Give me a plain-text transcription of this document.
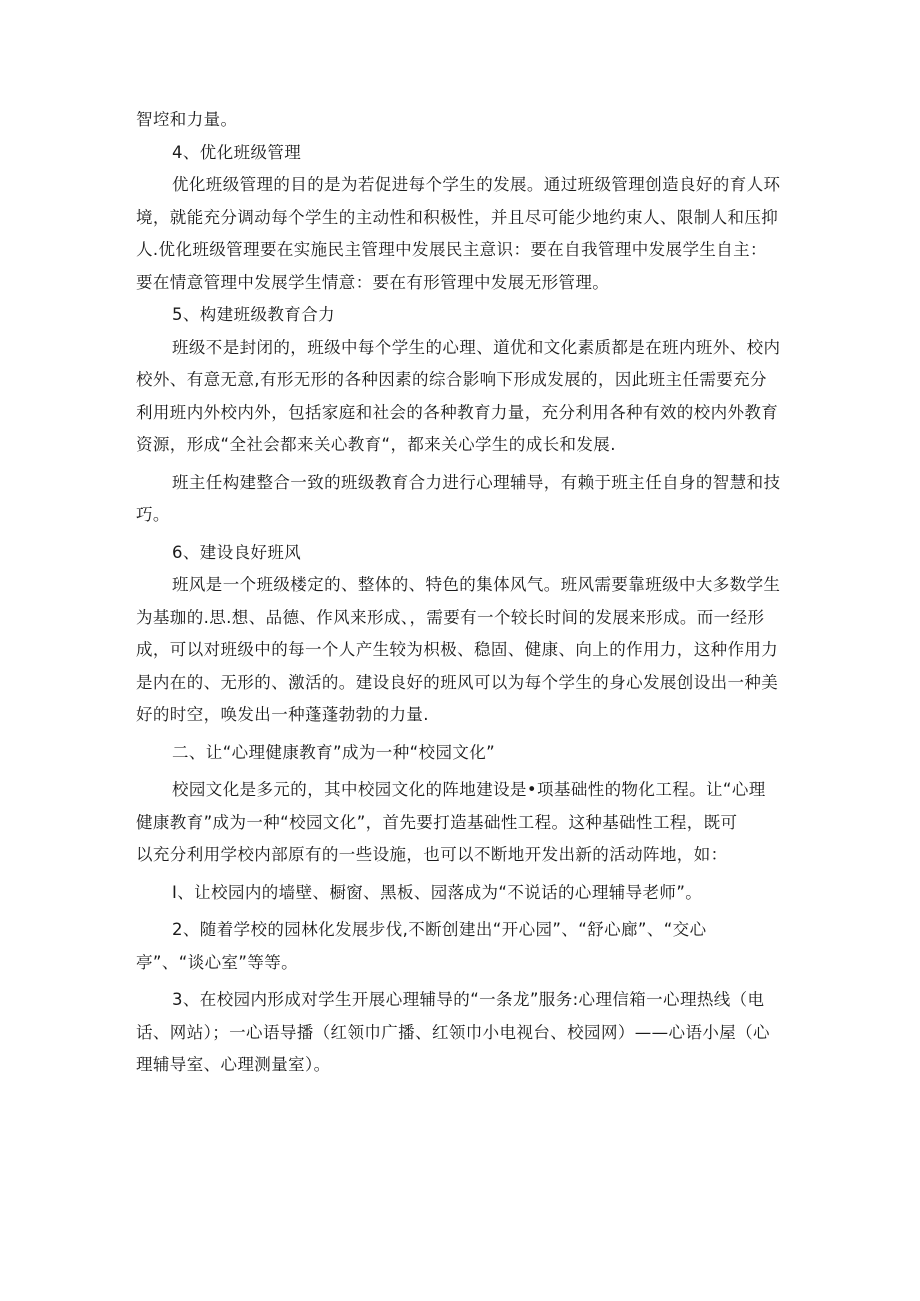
智埪和力量。

4、优化班级管理

优化班级管理的目的是为若促进每个学生的发展。通过班级管理创造良好的育人环

境，就能充分调动每个学生的主动性和积极性，并且尽可能少地约束人、限制人和压抑

人.优化班级管理要在实施民主管理中发展民主意识：要在自我管理中发展学生自主：

要在情意管理中发展学生情意：要在有形管理中发展无形管理。

5、构建班级教育合力

班级不是封闭的，班级中每个学生的心理、道优和文化素质都是在班内班外、校内

校外、有意无意,有形无形的各种因素的综合影响下形成发展的，因此班主任需要充分

利用班内外校内外，包括家庭和社会的各种教育力量，充分利用各种有效的校内外教育

资源，形成“全社会都来关心教育“，都来关心学生的成长和发展.

班主任构建整合一致的班级教育合力进行心理辅导，有赖于班主任自身的智慧和技

巧。

6、建设良好班风

班风是一个班级楼定的、整体的、特色的集体风气。班风需要靠班级中大多数学生

为基珈的.思.想、品德、作风来形成、，需要有一个较长时间的发展来形成。而一经形

成，可以对班级中的每一个人产生较为枳极、稳固、健康、向上的作用力，这种作用力

是内在的、无形的、激活的。建设良好的班风可以为每个学生的身心发展创设出一种美

好的时空，唤发出一种蓬蓬勃勃的力量.

二、让“心理健康教育”成为一种“校园文化”

校园文化是多元的，其中校园文化的阵地建设是•项基础性的物化工程。让“心理

健康教育”成为一种“校园文化”，首先要打造基础性工程。这种基础性工程，既可

以充分利用学校内部原有的一些设施，也可以不断地开发出新的活动阵地，如：

I、让校园内的墙壁、橱窗、黑板、园落成为“不说话的心理辅导老师”。

2、随着学校的园林化发展步伐,不断创建出“开心园”、“舒心廊”、“交心

亭”、“谈心室”等等。

3、在校园内形成对学生开展心理辅导的“一条龙”服务:心理信箱一心理热线（电

话、网站）；一心语导播（红领巾广播、红领巾小电视台、校园网）——心语小屋（心

理辅导室、心理测量室）。
